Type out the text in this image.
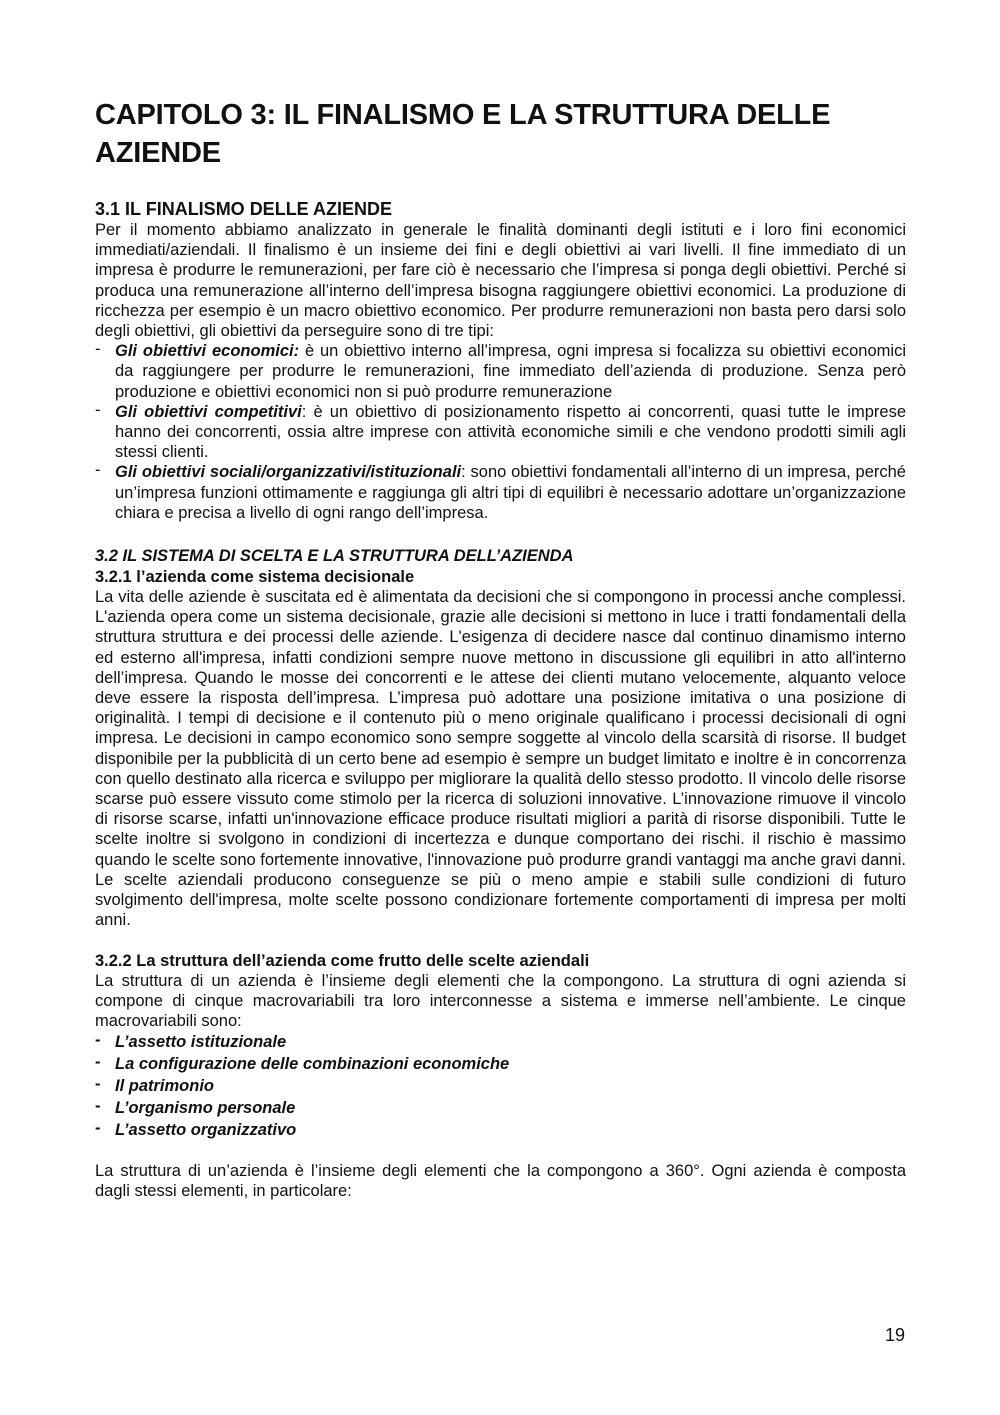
CAPITOLO 3: IL FINALISMO E LA STRUTTURA DELLE AZIENDE
3.1 IL FINALISMO DELLE AZIENDE

Per il momento abbiamo analizzato in generale le finalità dominanti degli istituti e i loro fini economici immediati/aziendali. Il finalismo è un insieme dei fini e degli obiettivi ai vari livelli. Il fine immediato di un impresa è produrre le remunerazioni, per fare ciò è necessario che l’impresa si ponga degli obiettivi. Perché si produca una remunerazione all’interno dell’impresa bisogna raggiungere obiettivi economici. La produzione di ricchezza per esempio è un macro obiettivo economico. Per produrre remunerazioni non basta pero darsi solo degli obiettivi, gli obiettivi da perseguire sono di tre tipi:

- Gli obiettivi economici: è un obiettivo interno all’impresa, ogni impresa si focalizza su obiettivi economici da raggiungere per produrre le remunerazioni, fine immediato dell’azienda di produzione. Senza però produzione e obiettivi economici non si può produrre remunerazione
- Gli obiettivi competitivi: è un obiettivo di posizionamento rispetto ai concorrenti, quasi tutte le imprese hanno dei concorrenti, ossia altre imprese con attività economiche simili e che vendono prodotti simili agli stessi clienti.
- Gli obiettivi sociali/organizzativi/istituzionali: sono obiettivi fondamentali all’interno di un impresa, perché un’impresa funzioni ottimamente e raggiunga gli altri tipi di equilibri è necessario adottare un’organizzazione chiara e precisa a livello di ogni rango dell’impresa.
3.2 IL SISTEMA DI SCELTA E LA STRUTTURA DELL’AZIENDA
3.2.1 l’azienda come sistema decisionale

La vita delle aziende è suscitata ed è alimentata da decisioni che si compongono in processi anche complessi. L'azienda opera come un sistema decisionale, grazie alle decisioni si mettono in luce i tratti fondamentali della struttura struttura e dei processi delle aziende. L'esigenza di decidere nasce dal continuo dinamismo interno ed esterno all'impresa, infatti condizioni sempre nuove mettono in discussione gli equilibri in atto all'interno dell’impresa. Quando le mosse dei concorrenti e le attese dei clienti mutano velocemente, alquanto veloce deve essere la risposta dell’impresa. L’impresa può adottare una posizione imitativa o una posizione di originalità. I tempi di decisione e il contenuto più o meno originale qualificano i processi decisionali di ogni impresa. Le decisioni in campo economico sono sempre soggette al vincolo della scarsità di risorse. Il budget disponibile per la pubblicità di un certo bene ad esempio è sempre un budget limitato e inoltre è in concorrenza con quello destinato alla ricerca e sviluppo per migliorare la qualità dello stesso prodotto. Il vincolo delle risorse scarse può essere vissuto come stimolo per la ricerca di soluzioni innovative. L’innovazione rimuove il vincolo di risorse scarse, infatti un'innovazione efficace produce risultati migliori a parità di risorse disponibili. Tutte le scelte inoltre si svolgono in condizioni di incertezza e dunque comportano dei rischi. il rischio è massimo quando le scelte sono fortemente innovative, l'innovazione può produrre grandi vantaggi ma anche gravi danni. Le scelte aziendali producono conseguenze se più o meno ampie e stabili sulle condizioni di futuro svolgimento dell'impresa, molte scelte possono condizionare fortemente comportamenti di impresa per molti anni.

3.2.2 La struttura dell’azienda come frutto delle scelte aziendali

La struttura di un azienda è l’insieme degli elementi che la compongono. La struttura di ogni azienda si compone di cinque macrovariabili tra loro interconnesse a sistema e immerse nell’ambiente. Le cinque macrovariabili sono:

- L’assetto istituzionale
- La configurazione delle combinazioni economiche
- Il patrimonio
- L’organismo personale
- L’assetto organizzativo

La struttura di un’azienda è l’insieme degli elementi che la compongono a 360°. Ogni azienda è composta dagli stessi elementi, in particolare:

19
